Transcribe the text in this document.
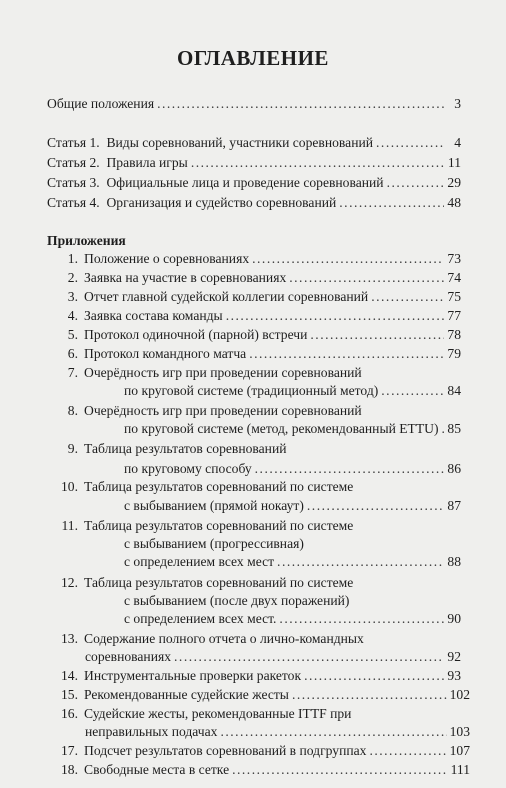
ОГЛАВЛЕНИЕ
Общие положения .....	3
Статья 1. Виды соревнований, участники соревнований .....	4
Статья 2. Правила игры .....	11
Статья 3. Официальные лица и проведение соревнований .....	29
Статья 4. Организация и судейство соревнований .....	48
Приложения
1. Положение о соревнованиях .....	73
2. Заявка на участие в соревнованиях .....	74
3. Отчет главной судейской коллегии соревнований .....	75
4. Заявка состава команды .....	77
5. Протокол одиночной (парной) встречи .....	78
6. Протокол командного матча .....	79
7. Очерёдность игр при проведении соревнований
по круговой системе (традиционный метод) .....	84
8. Очерёдность игр при проведении соревнований
по круговой системе (метод, рекомендованный ETTU) ..... 85
9. Таблица результатов соревнований
по круговому способу .....	86
10. Таблица результатов соревнований по системе
с выбыванием (прямой нокаут) .....	87
11. Таблица результатов соревнований по системе
с выбыванием (прогрессивная)
с определением всех мест .....	88
12. Таблица результатов соревнований по системе
с выбыванием (после двух поражений)
с определением всех мест. .....	90
13. Содержание полного отчета о лично-командных
соревнованиях .....	92
14. Инструментальные проверки ракеток .....	93
15. Рекомендованные судейские жесты .....	102
16. Судейские жесты, рекомендованные ITTF при
неправильных подачах .....	103
17. Подсчет результатов соревнований в подгруппах .....	107
18. Свободные места в сетке .....	111
